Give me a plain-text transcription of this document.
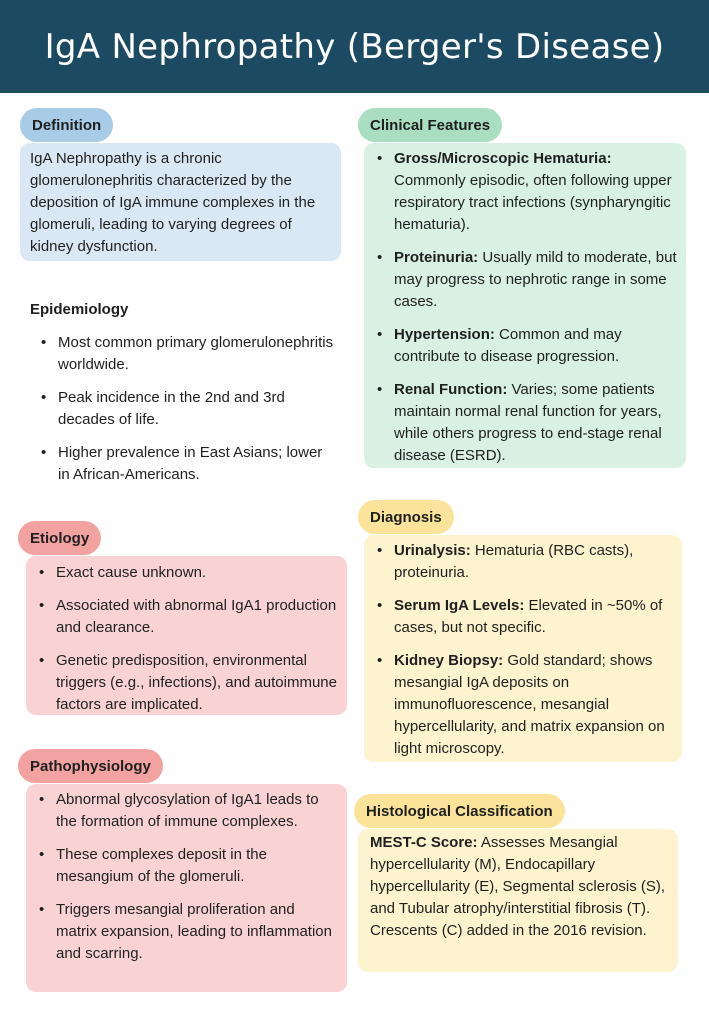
IgA Nephropathy (Berger's Disease)
Definition

IgA Nephropathy is a chronic glomerulonephritis characterized by the deposition of IgA immune complexes in the glomeruli, leading to varying degrees of kidney dysfunction.

Epidemiology
• Most common primary glomerulonephritis worldwide.
• Peak incidence in the 2nd and 3rd decades of life.
• Higher prevalence in East Asians; lower in African-Americans.
Etiology
• Exact cause unknown.
• Associated with abnormal IgA1 production and clearance.
• Genetic predisposition, environmental triggers (e.g., infections), and autoimmune factors are implicated.
Pathophysiology
• Abnormal glycosylation of IgA1 leads to the formation of immune complexes.
• These complexes deposit in the mesangium of the glomeruli.
• Triggers mesangial proliferation and matrix expansion, leading to inflammation and scarring.
Clinical Features
• Gross/Microscopic Hematuria: Commonly episodic, often following upper respiratory tract infections (synpharyngitic hematuria).
• Proteinuria: Usually mild to moderate, but may progress to nephrotic range in some cases.
• Hypertension: Common and may contribute to disease progression.
• Renal Function: Varies; some patients maintain normal renal function for years, while others progress to end-stage renal disease (ESRD).
Diagnosis
• Urinalysis: Hematuria (RBC casts), proteinuria.
• Serum IgA Levels: Elevated in ~50% of cases, but not specific.
• Kidney Biopsy: Gold standard; shows mesangial IgA deposits on immunofluorescence, mesangial hypercellularity, and matrix expansion on light microscopy.
Histological Classification

MEST-C Score: Assesses Mesangial hypercellularity (M), Endocapillary hypercellularity (E), Segmental sclerosis (S), and Tubular atrophy/interstitial fibrosis (T). Crescents (C) added in the 2016 revision.
